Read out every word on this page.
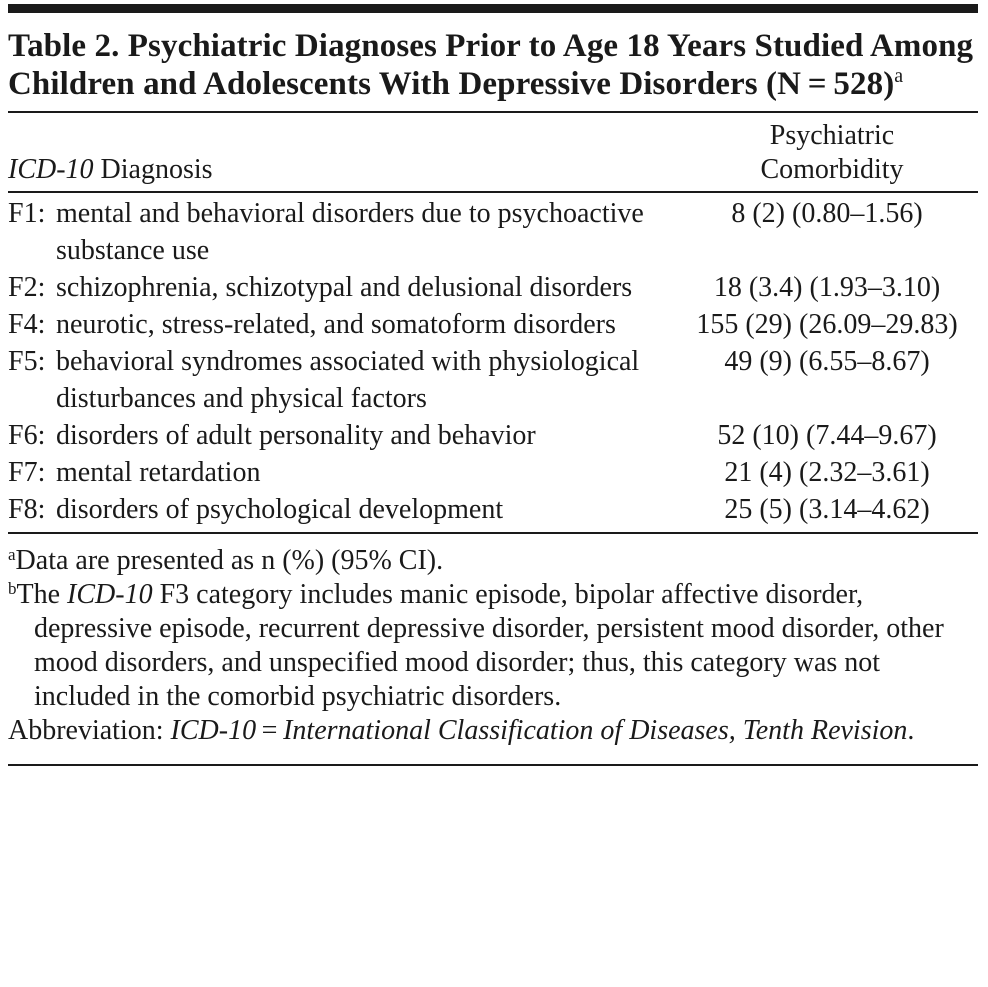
Table 2. Psychiatric Diagnoses Prior to Age 18 Years Studied Among Children and Adolescents With Depressive Disorders (N = 528)$^a$
ICD-10 Diagnosis
Psychiatric
Comorbidity
F1:	mental and behavioral disorders due to psychoactive substance use	8 (2) (0.80–1.56)
F2:	schizophrenia, schizotypal and delusional disorders	18 (3.4) (1.93–3.10)
F4:	neurotic, stress-related, and somatoform disorders	155 (29) (26.09–29.83)
F5:	behavioral syndromes associated with physiological disturbances and physical factors	49 (9) (6.55–8.67)
F6:	disorders of adult personality and behavior	52 (10) (7.44–9.67)
F7:	mental retardation	21 (4) (2.32–3.61)
F8:	disorders of psychological development	25 (5) (3.14–4.62)
$^a$Data are presented as n (%) (95% CI).
$^b$The ICD-10 F3 category includes manic episode, bipolar affective disorder, depressive episode, recurrent depressive disorder, persistent mood disorder, other mood disorders, and unspecified mood disorder; thus, this category was not included in the comorbid psychiatric disorders.
Abbreviation: ICD-10 = International Classification of Diseases, Tenth Revision.
